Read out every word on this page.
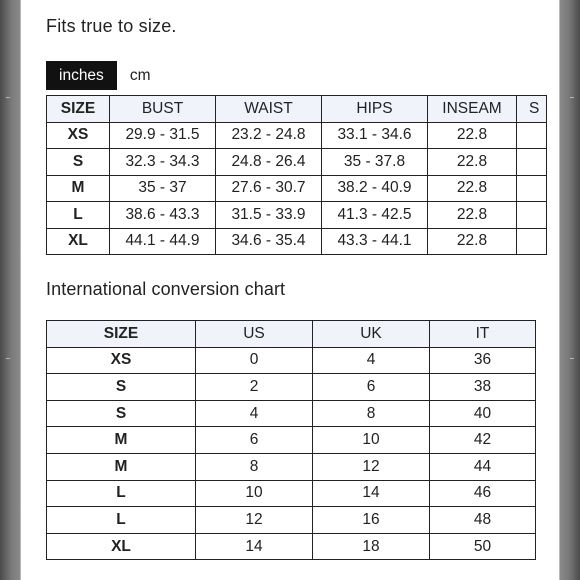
Fits true to size.
inches	cm
SIZE	BUST	WAIST	HIPS	INSEAM	S
XS	29.9 - 31.5	23.2 - 24.8	33.1 - 34.6	22.8	
S	32.3 - 34.3	24.8 - 26.4	35 - 37.8	22.8	
M	35 - 37	27.6 - 30.7	38.2 - 40.9	22.8	
L	38.6 - 43.3	31.5 - 33.9	41.3 - 42.5	22.8	
XL	44.1 - 44.9	34.6 - 35.4	43.3 - 44.1	22.8	
International conversion chart
SIZE	US	UK	IT
XS	0	4	36
S	2	6	38
S	4	8	40
M	6	10	42
M	8	12	44
L	10	14	46
L	12	16	48
XL	14	18	50
